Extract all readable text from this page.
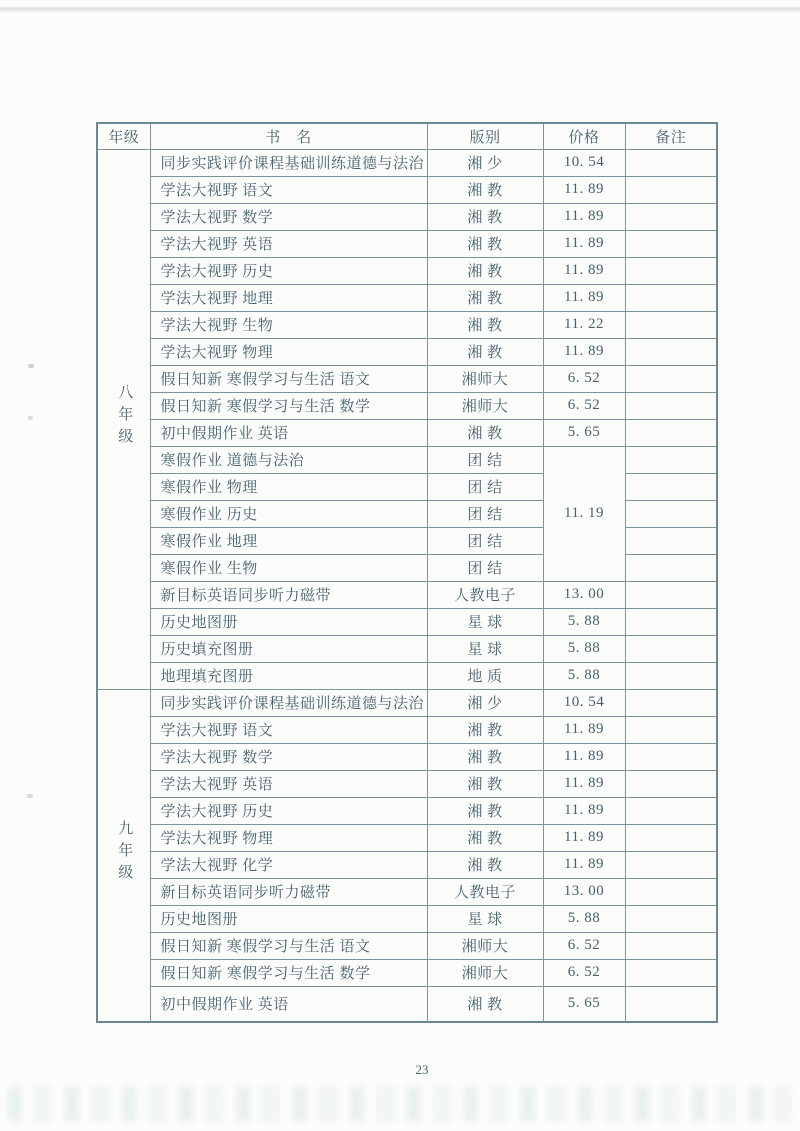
年级	书　名	版别	价格	备注
八年级	同步实践评价课程基础训练道德与法治	湘 少	10. 54	
	学法大视野 语文	湘 教	11. 89	
	学法大视野 数学	湘 教	11. 89	
	学法大视野 英语	湘 教	11. 89	
	学法大视野 历史	湘 教	11. 89	
	学法大视野 地理	湘 教	11. 89	
	学法大视野 生物	湘 教	11. 22	
	学法大视野 物理	湘 教	11. 89	
	假日知新 寒假学习与生活 语文	湘师大	6. 52	
	假日知新 寒假学习与生活 数学	湘师大	6. 52	
	初中假期作业 英语	湘 教	5. 65	
	寒假作业 道德与法治	团 结	11. 19	
	寒假作业 物理	团 结		
	寒假作业 历史	团 结		
	寒假作业 地理	团 结		
	寒假作业 生物	团 结		
	新目标英语同步听力磁带	人教电子	13. 00	
	历史地图册	星 球	5. 88	
	历史填充图册	星 球	5. 88	
	地理填充图册	地 质	5. 88	
九年级	同步实践评价课程基础训练道德与法治	湘 少	10. 54	
	学法大视野 语文	湘 教	11. 89	
	学法大视野 数学	湘 教	11. 89	
	学法大视野 英语	湘 教	11. 89	
	学法大视野 历史	湘 教	11. 89	
	学法大视野 物理	湘 教	11. 89	
	学法大视野 化学	湘 教	11. 89	
	新目标英语同步听力磁带	人教电子	13. 00	
	历史地图册	星 球	5. 88	
	假日知新 寒假学习与生活 语文	湘师大	6. 52	
	假日知新 寒假学习与生活 数学	湘师大	6. 52	
	初中假期作业 英语	湘 教	5. 65	
23
